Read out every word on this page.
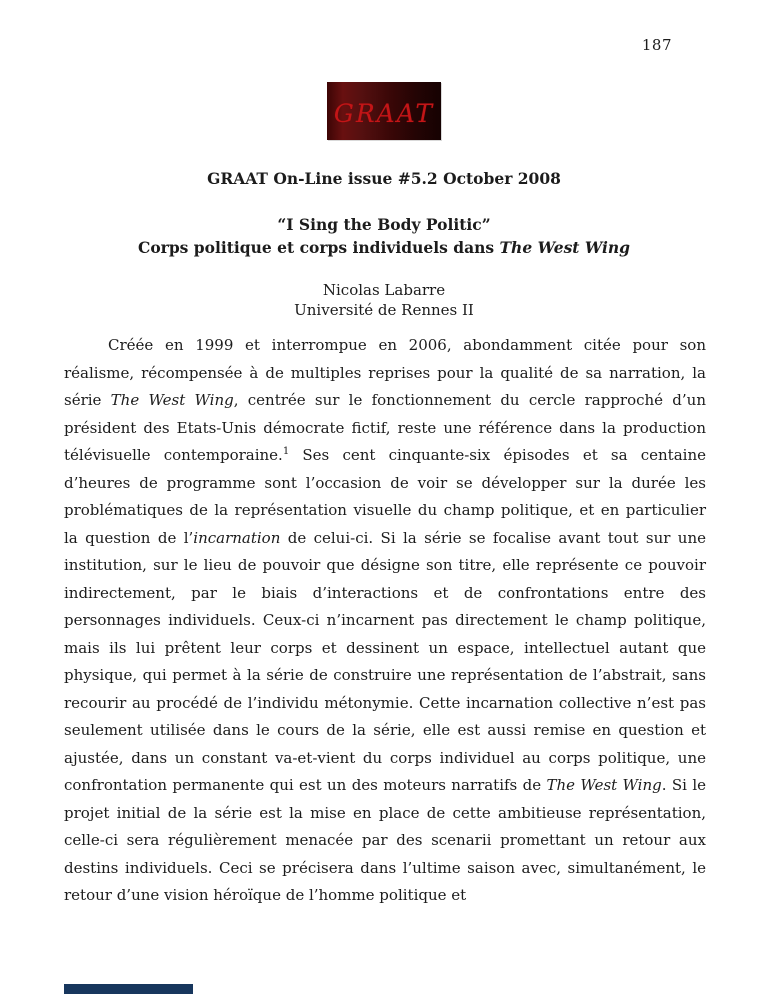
187
GRAAT
GRAAT On-Line issue #5.2 October 2008
“I Sing the Body Politic”
Corps politique et corps individuels dans The West Wing
Nicolas Labarre
Université de Rennes II

Créée en 1999 et interrompue en 2006, abondamment citée pour son réalisme, récompensée à de multiples reprises pour la qualité de sa narration, la série The West Wing, centrée sur le fonctionnement du cercle rapproché d’un président des Etats-Unis démocrate fictif, reste une référence dans la production télévisuelle contemporaine.$^1$ Ses cent cinquante-six épisodes et sa centaine d’heures de programme sont l’occasion de voir se développer sur la durée les problématiques de la représentation visuelle du champ politique, et en particulier la question de l’incarnation de celui-ci. Si la série se focalise avant tout sur une institution, sur le lieu de pouvoir que désigne son titre, elle représente ce pouvoir indirectement, par le biais d’interactions et de confrontations entre des personnages individuels. Ceux-ci n’incarnent pas directement le champ politique, mais ils lui prêtent leur corps et dessinent un espace, intellectuel autant que physique, qui permet à la série de construire une représentation de l’abstrait, sans recourir au procédé de l’individu métonymie. Cette incarnation collective n’est pas seulement utilisée dans le cours de la série, elle est aussi remise en question et ajustée, dans un constant va-et-vient du corps individuel au corps politique, une confrontation permanente qui est un des moteurs narratifs de The West Wing. Si le projet initial de la série est la mise en place de cette ambitieuse représentation, celle-ci sera régulièrement menacée par des scenarii promettant un retour aux destins individuels. Ceci se précisera dans l’ultime saison avec, simultanément, le retour d’une vision héroïque de l’homme politique et
